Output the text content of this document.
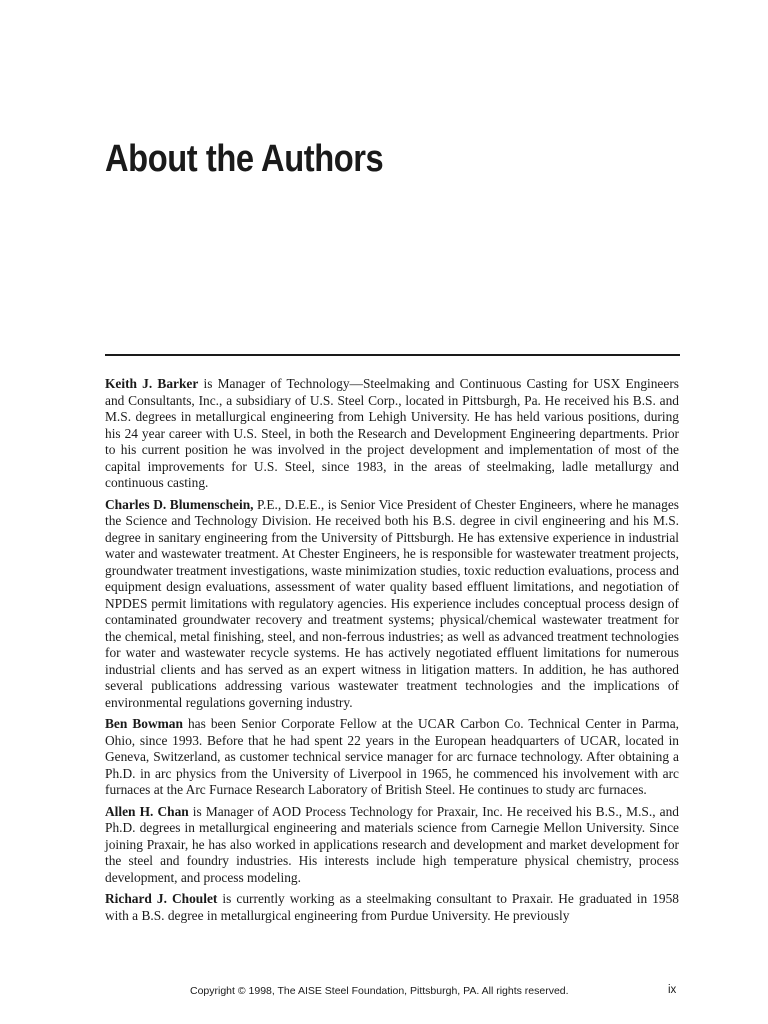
About the Authors

Keith J. Barker is Manager of Technology—Steelmaking and Continuous Casting for USX Engineers and Consultants, Inc., a subsidiary of U.S. Steel Corp., located in Pittsburgh, Pa. He received his B.S. and M.S. degrees in metallurgical engineering from Lehigh University. He has held various positions, during his 24 year career with U.S. Steel, in both the Research and Development Engineering departments. Prior to his current position he was involved in the project development and implementation of most of the capital improvements for U.S. Steel, since 1983, in the areas of steelmaking, ladle metallurgy and continuous casting.

Charles D. Blumenschein, P.E., D.E.E., is Senior Vice President of Chester Engineers, where he manages the Science and Technology Division. He received both his B.S. degree in civil engineering and his M.S. degree in sanitary engineering from the University of Pittsburgh. He has extensive experience in industrial water and wastewater treatment. At Chester Engineers, he is responsible for wastewater treatment projects, groundwater treatment investigations, waste minimization studies, toxic reduction evaluations, process and equipment design evaluations, assessment of water quality based effluent limitations, and negotiation of NPDES permit limitations with regulatory agencies. His experience includes conceptual process design of contaminated groundwater recovery and treatment systems; physical/chemical wastewater treatment for the chemical, metal finishing, steel, and non-ferrous industries; as well as advanced treatment technologies for water and wastewater recycle systems. He has actively negotiated effluent limitations for numerous industrial clients and has served as an expert witness in litigation matters. In addition, he has authored several publications addressing various wastewater treatment technologies and the implications of environmental regulations governing industry.

Ben Bowman has been Senior Corporate Fellow at the UCAR Carbon Co. Technical Center in Parma, Ohio, since 1993. Before that he had spent 22 years in the European headquarters of UCAR, located in Geneva, Switzerland, as customer technical service manager for arc furnace technology. After obtaining a Ph.D. in arc physics from the University of Liverpool in 1965, he commenced his involvement with arc furnaces at the Arc Furnace Research Laboratory of British Steel. He continues to study arc furnaces.

Allen H. Chan is Manager of AOD Process Technology for Praxair, Inc. He received his B.S., M.S., and Ph.D. degrees in metallurgical engineering and materials science from Carnegie Mellon University. Since joining Praxair, he has also worked in applications research and development and market development for the steel and foundry industries. His interests include high temperature physical chemistry, process development, and process modeling.

Richard J. Choulet is currently working as a steelmaking consultant to Praxair. He graduated in 1958 with a B.S. degree in metallurgical engineering from Purdue University. He previously

Copyright © 1998, The AISE Steel Foundation, Pittsburgh, PA. All rights reserved.	ix
